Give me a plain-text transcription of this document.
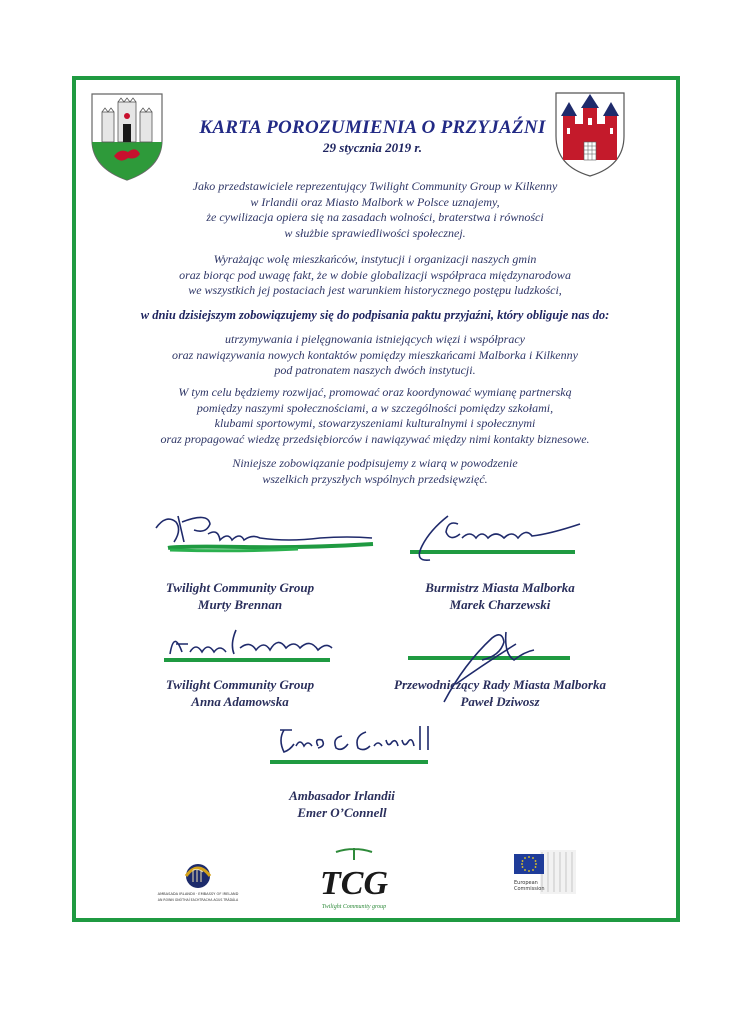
KARTA POROZUMIENIA O PRZYJAŹNI
29 stycznia 2019 r.
Jako przedstawiciele reprezentujący Twilight Community Group w Kilkenny
w Irlandii oraz Miasto Malbork w Polsce uznajemy,
że cywilizacja opiera się na zasadach wolności, braterstwa i równości
w służbie sprawiedliwości społecznej.
Wyrażając wolę mieszkańców, instytucji i organizacji naszych gmin
oraz biorąc pod uwagę fakt, że w dobie globalizacji współpraca międzynarodowa
we wszystkich jej postaciach jest warunkiem historycznego postępu ludzkości,
w dniu dzisiejszym zobowiązujemy się do podpisania paktu przyjaźni, który obliguje nas do:
utrzymywania i pielęgnowania istniejących więzi i współpracy
oraz nawiązywania nowych kontaktów pomiędzy mieszkańcami Malborka i Kilkenny
pod patronatem naszych dwóch instytucji.
W tym celu będziemy rozwijać, promować oraz koordynować wymianę partnerską
pomiędzy naszymi społecznościami, a w szczególności pomiędzy szkołami,
klubami sportowymi, stowarzyszeniami kulturalnymi i społecznymi
oraz propagować wiedzę przedsiębiorców i nawiązywać między nimi kontakty biznesowe.
Niniejsze zobowiązanie podpisujemy z wiarą w powodzenie
wszelkich przyszłych wspólnych przedsięwzięć.
Twilight Community Group
Murty Brennan
Burmistrz Miasta Malborka
Marek Charzewski
Twilight Community Group
Anna Adamowska
Przewodniczący Rady Miasta Malborka
Paweł Dziwosz
Ambasador Irlandii
Emer O’Connell
AMBASADA IRLANDII · EMBASSY OF IRELAND
AN ROINN GNÓTHAÍ EACHTRACHA AGUS TRÁDÁLA TCG
Twilight Community group
European
Commission
